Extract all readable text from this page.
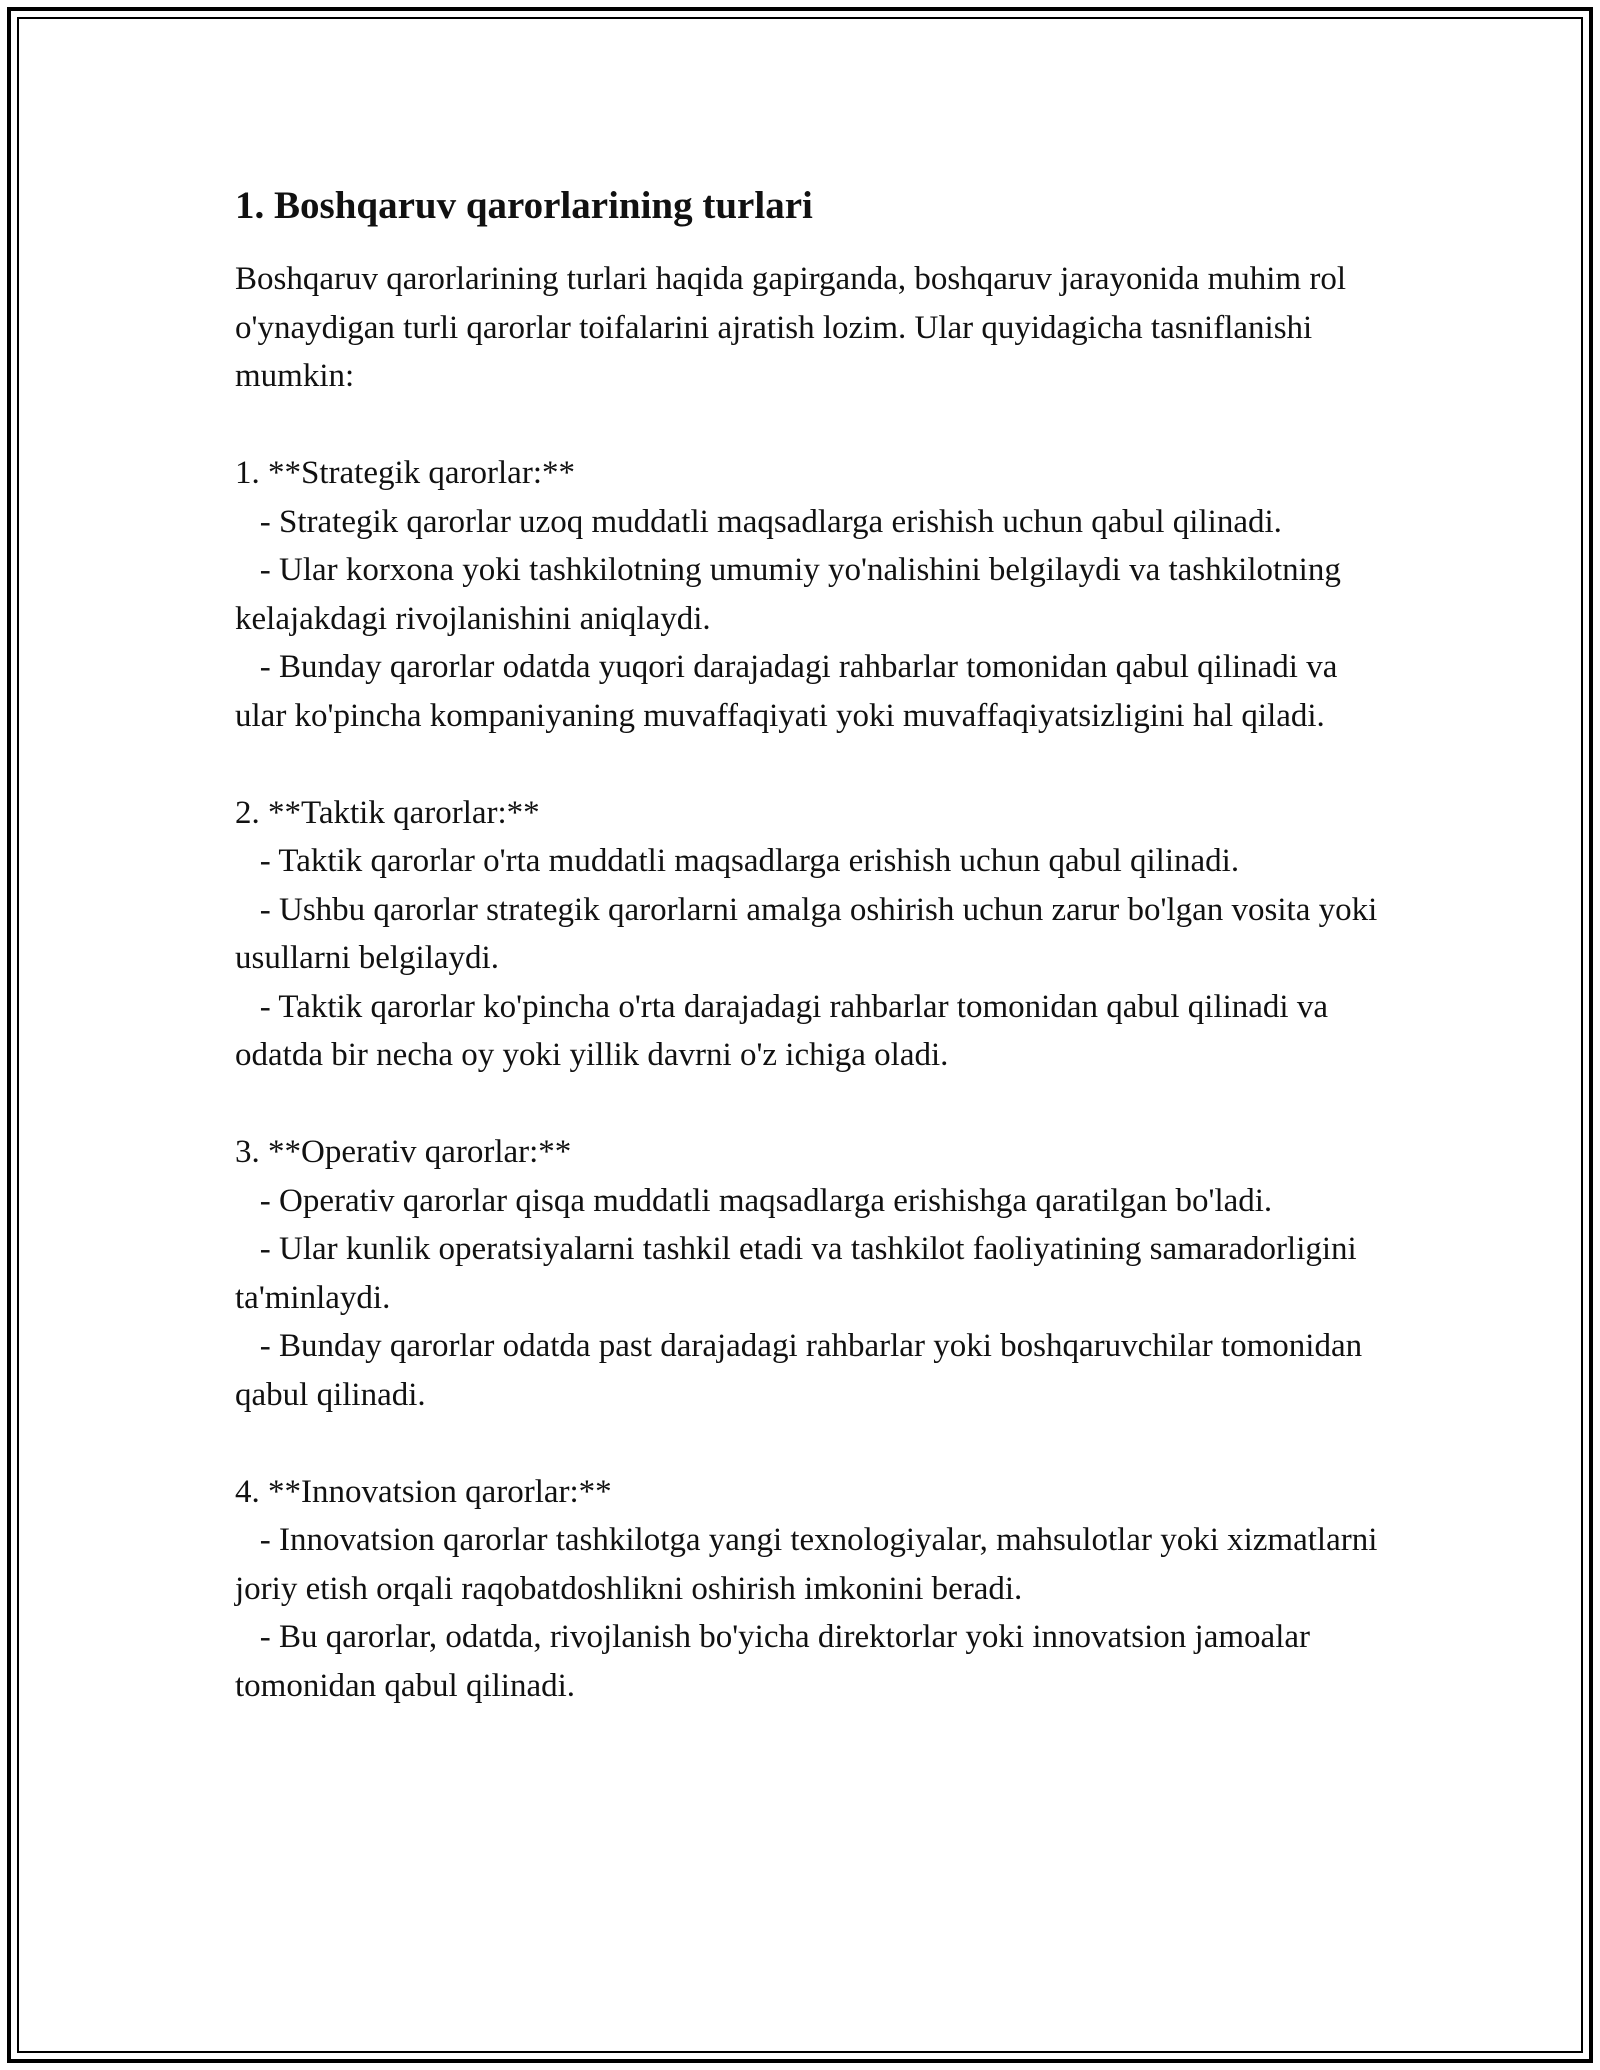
1. Boshqaruv qarorlarining turlari

Boshqaruv qarorlarining turlari haqida gapirganda, boshqaruv jarayonida muhim rol o'ynaydigan turli qarorlar toifalarini ajratish lozim. Ular quyidagicha tasniflanishi mumkin:

1. **Strategik qarorlar:**

- Strategik qarorlar uzoq muddatli maqsadlarga erishish uchun qabul qilinadi.

- Ular korxona yoki tashkilotning umumiy yo'nalishini belgilaydi va tashkilotning kelajakdagi rivojlanishini aniqlaydi.

- Bunday qarorlar odatda yuqori darajadagi rahbarlar tomonidan qabul qilinadi va ular ko'pincha kompaniyaning muvaffaqiyati yoki muvaffaqiyatsizligini hal qiladi.

2. **Taktik qarorlar:**

- Taktik qarorlar o'rta muddatli maqsadlarga erishish uchun qabul qilinadi.

- Ushbu qarorlar strategik qarorlarni amalga oshirish uchun zarur bo'lgan vosita yoki usullarni belgilaydi.

- Taktik qarorlar ko'pincha o'rta darajadagi rahbarlar tomonidan qabul qilinadi va odatda bir necha oy yoki yillik davrni o'z ichiga oladi.

3. **Operativ qarorlar:**

- Operativ qarorlar qisqa muddatli maqsadlarga erishishga qaratilgan bo'ladi.

- Ular kunlik operatsiyalarni tashkil etadi va tashkilot faoliyatining samaradorligini ta'minlaydi.

- Bunday qarorlar odatda past darajadagi rahbarlar yoki boshqaruvchilar tomonidan qabul qilinadi.

4. **Innovatsion qarorlar:**

- Innovatsion qarorlar tashkilotga yangi texnologiyalar, mahsulotlar yoki xizmatlarni joriy etish orqali raqobatdoshlikni oshirish imkonini beradi.

- Bu qarorlar, odatda, rivojlanish bo'yicha direktorlar yoki innovatsion jamoalar tomonidan qabul qilinadi.
